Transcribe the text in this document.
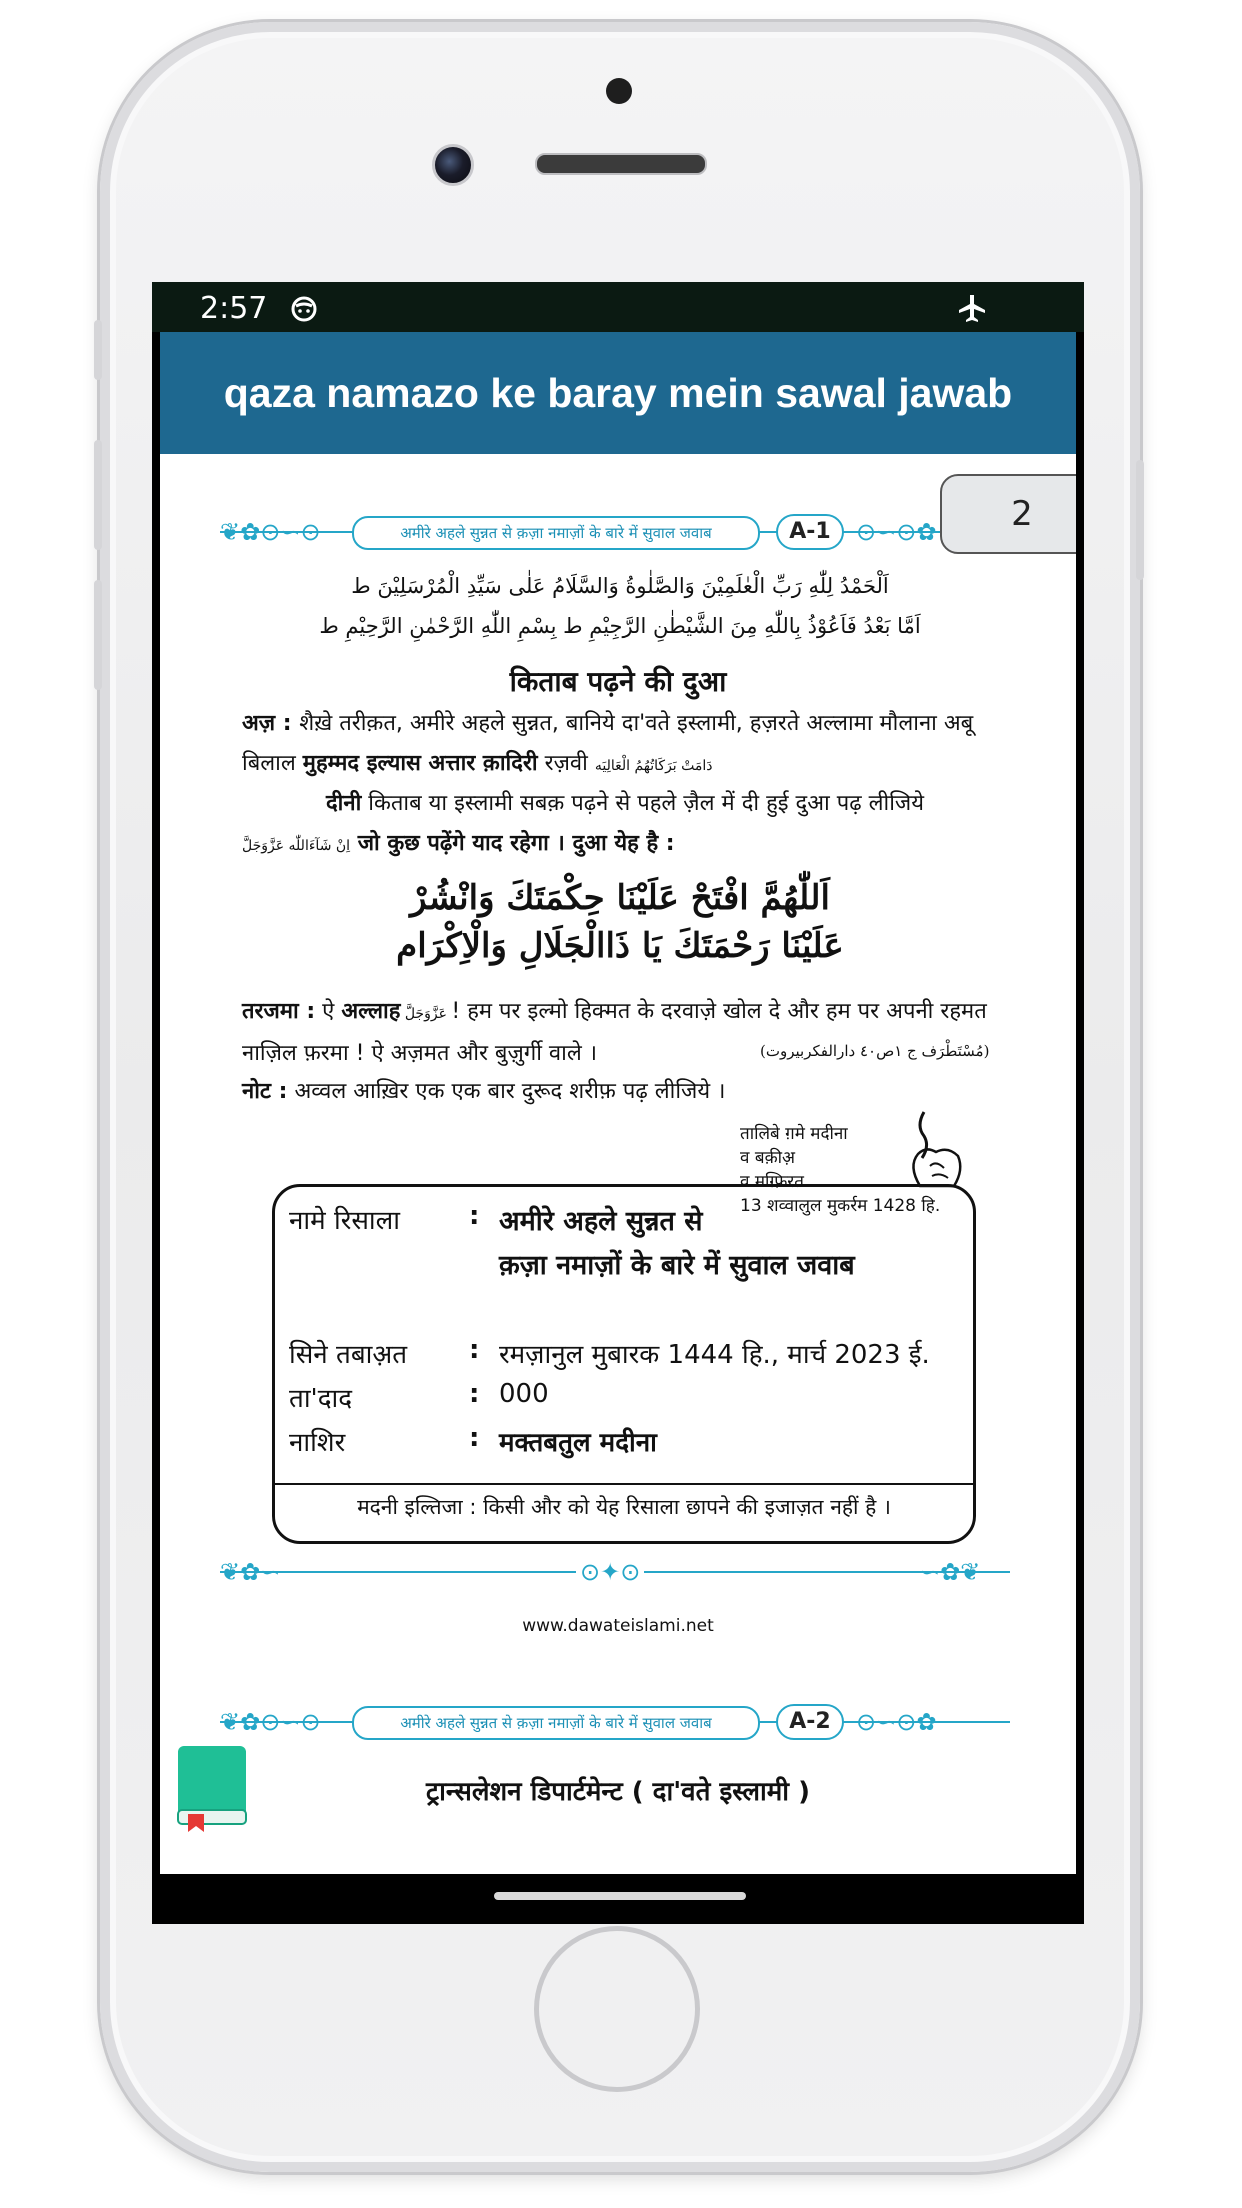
2:57
qaza namazo ke baray mein sawal jawab
❦✿⊙∽⊙	अमीरे अहले सुन्नत से क़ज़ा नमाज़ों के बारे में सुवाल जवाब	A-1	⊙∽⊙✿	2
اَلْحَمْدُ لِلّٰهِ رَبِّ الْعٰلَمِيْنَ وَالصَّلٰوةُ وَالسَّلَامُ عَلٰى سَيِّدِ الْمُرْسَلِيْنَ ط
اَمَّا بَعْدُ فَاَعُوْذُ بِاللّٰهِ مِنَ الشَّيْطٰنِ الرَّجِيْمِ ط بِسْمِ اللّٰهِ الرَّحْمٰنِ الرَّحِيْمِ ط
किताब पढ़ने की दुआ
अज़ : शैख़े तरीक़त, अमीरे अहले सुन्नत, बानिये दा'वते इस्लामी, हज़रते अल्लामा मौलाना अबू बिलाल मुहम्मद इल्यास अत्तार क़ादिरी रज़वी دَامَتْ بَرَكَاتُهُمُ الْعَالِيَه
दीनी किताब या इस्लामी सबक़ पढ़ने से पहले ज़ैल में दी हुई दुआ पढ़ लीजिये
اِنْ شَآءَاللّٰه عَزَّوَجَلَّ जो कुछ पढ़ेंगे याद रहेगा । दुआ येह है :
اَللّٰهُمَّ افْتَحْ عَلَيْنَا حِكْمَتَكَ وَانْشُرْ
عَلَيْنَا رَحْمَتَكَ يَا ذَاالْجَلَالِ وَالْاِكْرَام
तरजमा : ऐ अल्लाह عَزَّوَجَلَّ ! हम पर इल्मो हिक्मत के दरवाज़े खोल दे और हम पर अपनी रहमत नाज़िल फ़रमा ! ऐ अज़मत और बुज़ुर्गी वाले ।	(مُسْتَطْرَف ج ١ص٤٠ دارالفكربيروت)
नोट : अव्वल आख़िर एक एक बार दुरूद शरीफ़ पढ़ लीजिये ।
तालिबे ग़मे मदीना
व बक़ीअ़
व मग़्फ़िरत
13 शव्वालुल मुकर्रम 1428 हि.
नामे रिसाला	: अमीरे अहले सुन्नत से
क़ज़ा नमाज़ों के बारे में सुवाल जवाब
सिने तबाअ़त	: रमज़ानुल मुबारक 1444 हि., मार्च 2023 ई.
ता'दाद	: 000
नाशिर	: मक्तबतुल मदीना
मदनी इल्तिजा : किसी और को येह रिसाला छापने की इजाज़त नहीं है ।
❦✿∽	⊙✦⊙	∽✿❦
www.dawateislami.net
❦✿⊙∽⊙	अमीरे अहले सुन्नत से क़ज़ा नमाज़ों के बारे में सुवाल जवाब	A-2	⊙∽⊙✿
ट्रान्सलेशन डिपार्टमेन्ट ( दा'वते इस्लामी )
